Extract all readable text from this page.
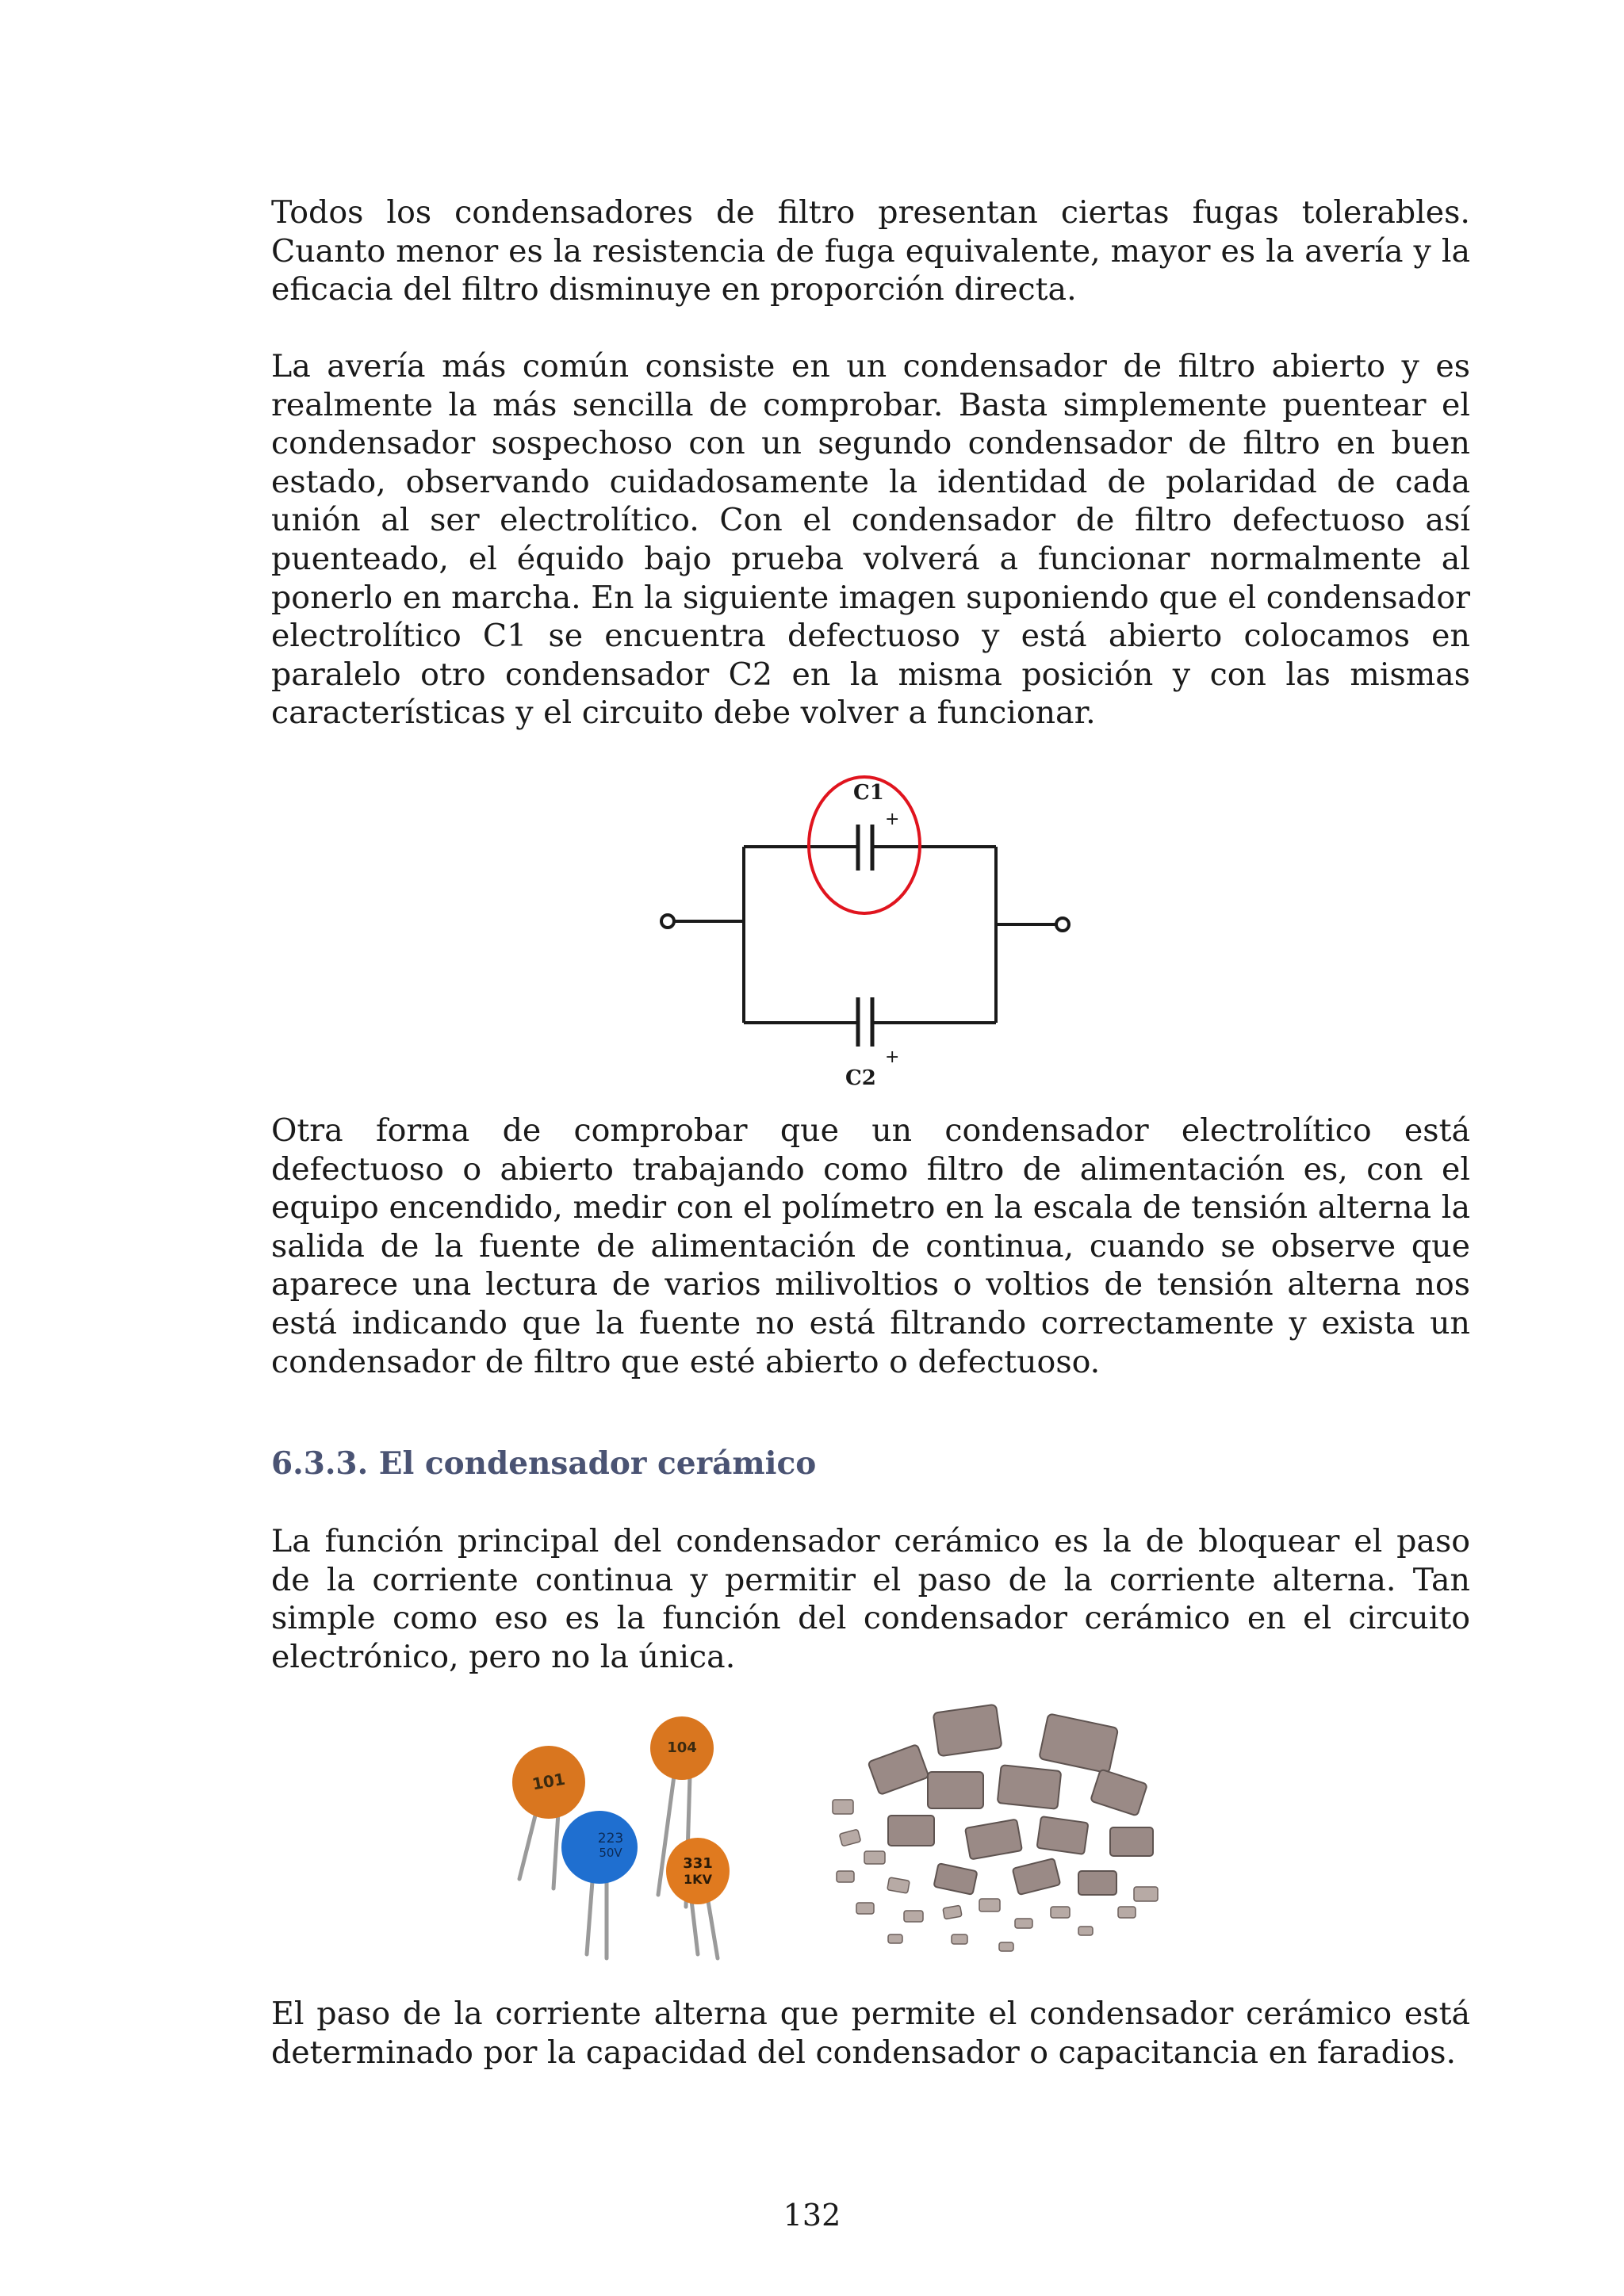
Todos los condensadores de filtro presentan ciertas fugas tolerables. Cuanto menor es la resistencia de fuga equivalente, mayor es la avería y la eficacia del filtro disminuye en proporción directa.

La avería más común consiste en un condensador de filtro abierto y es realmente la más sencilla de comprobar. Basta simplemente puentear el condensador sospechoso con un segundo condensador de filtro en buen estado, observando cuidadosamente la identidad de polaridad de cada unión al ser electrolítico. Con el condensador de filtro defectuoso así puenteado, el équido bajo prueba volverá a funcionar normalmente al ponerlo en marcha. En la siguiente imagen suponiendo que el condensador electrolítico C1 se encuentra defectuoso y está abierto colocamos en paralelo otro condensador C2 en la misma posición y con las mismas características y el circuito debe volver a funcionar.

C1
+
+
C2

Otra forma de comprobar que un condensador electrolítico está defectuoso o abierto trabajando como filtro de alimentación es, con el equipo encendido, medir con el polímetro en la escala de tensión alterna la salida de la fuente de alimentación de continua, cuando se observe que aparece una lectura de varios milivoltios o voltios de tensión alterna nos está indicando que la fuente no está filtrando correctamente y exista un condensador de filtro que esté abierto o defectuoso.

6.3.3. El condensador cerámico

La función principal del condensador cerámico es la de bloquear el paso de la corriente continua y permitir el paso de la corriente alterna. Tan simple como eso es la función del condensador cerámico en el circuito electrónico, pero no la única.

101
104
223
50V
331
1KV

El paso de la corriente alterna que permite el condensador cerámico está determinado por la capacidad del condensador o capacitancia en faradios.

132
